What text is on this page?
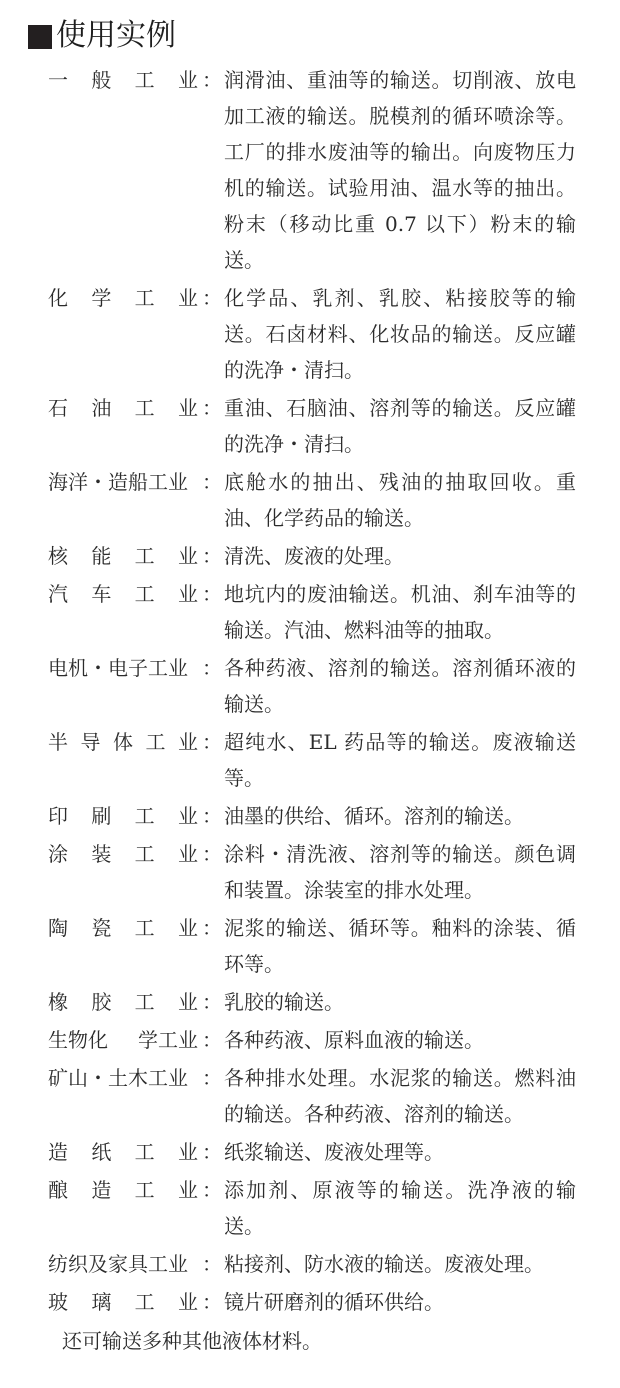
使用实例
一 般 工 业 ： 润滑油、重油等的输送。切削液、放电加工液的输送。脱模剂的循环喷涂等。工厂的排水废油等的输出。向废物压力机的输送。试验用油、温水等的抽出。粉末（移动比重 0.7 以下）粉末的输送。
化 学 工 业 ： 化学品、乳剂、乳胶、粘接胶等的输送。石卤材料、化妆品的输送。反应罐的洗净・清扫。
石 油 工 业 ： 重油、石脑油、溶剂等的输送。反应罐的洗净・清扫。
海洋・造船工业 ： 底舱水的抽出、残油的抽取回收。重油、化学药品的输送。
核 能 工 业 ： 清洗、废液的处理。
汽 车 工 业 ： 地坑内的废油输送。机油、刹车油等的输送。汽油、燃料油等的抽取。
电机・电子工业 ： 各种药液、溶剂的输送。溶剂循环液的输送。
半 导 体 工 业 ： 超纯水、EL 药品等的输送。废液输送等。
印 刷 工 业 ： 油墨的供给、循环。溶剂的输送。
涂 装 工 业 ： 涂料・清洗液、溶剂等的输送。颜色调和装置。涂装室的排水处理。
陶 瓷 工 业 ： 泥浆的输送、循环等。釉料的涂装、循环等。
橡 胶 工 业 ： 乳胶的输送。
生物化 学工业 ： 各种药液、原料血液的输送。
矿山・土木工业 ： 各种排水处理。水泥浆的输送。燃料油的输送。各种药液、溶剂的输送。
造 纸 工 业 ： 纸浆输送、废液处理等。
酿 造 工 业 ： 添加剂、原液等的输送。洗净液的输送。
纺织及家具工业 ： 粘接剂、防水液的输送。废液处理。
玻 璃 工 业 ： 镜片研磨剂的循环供给。
还可输送多种其他液体材料。
